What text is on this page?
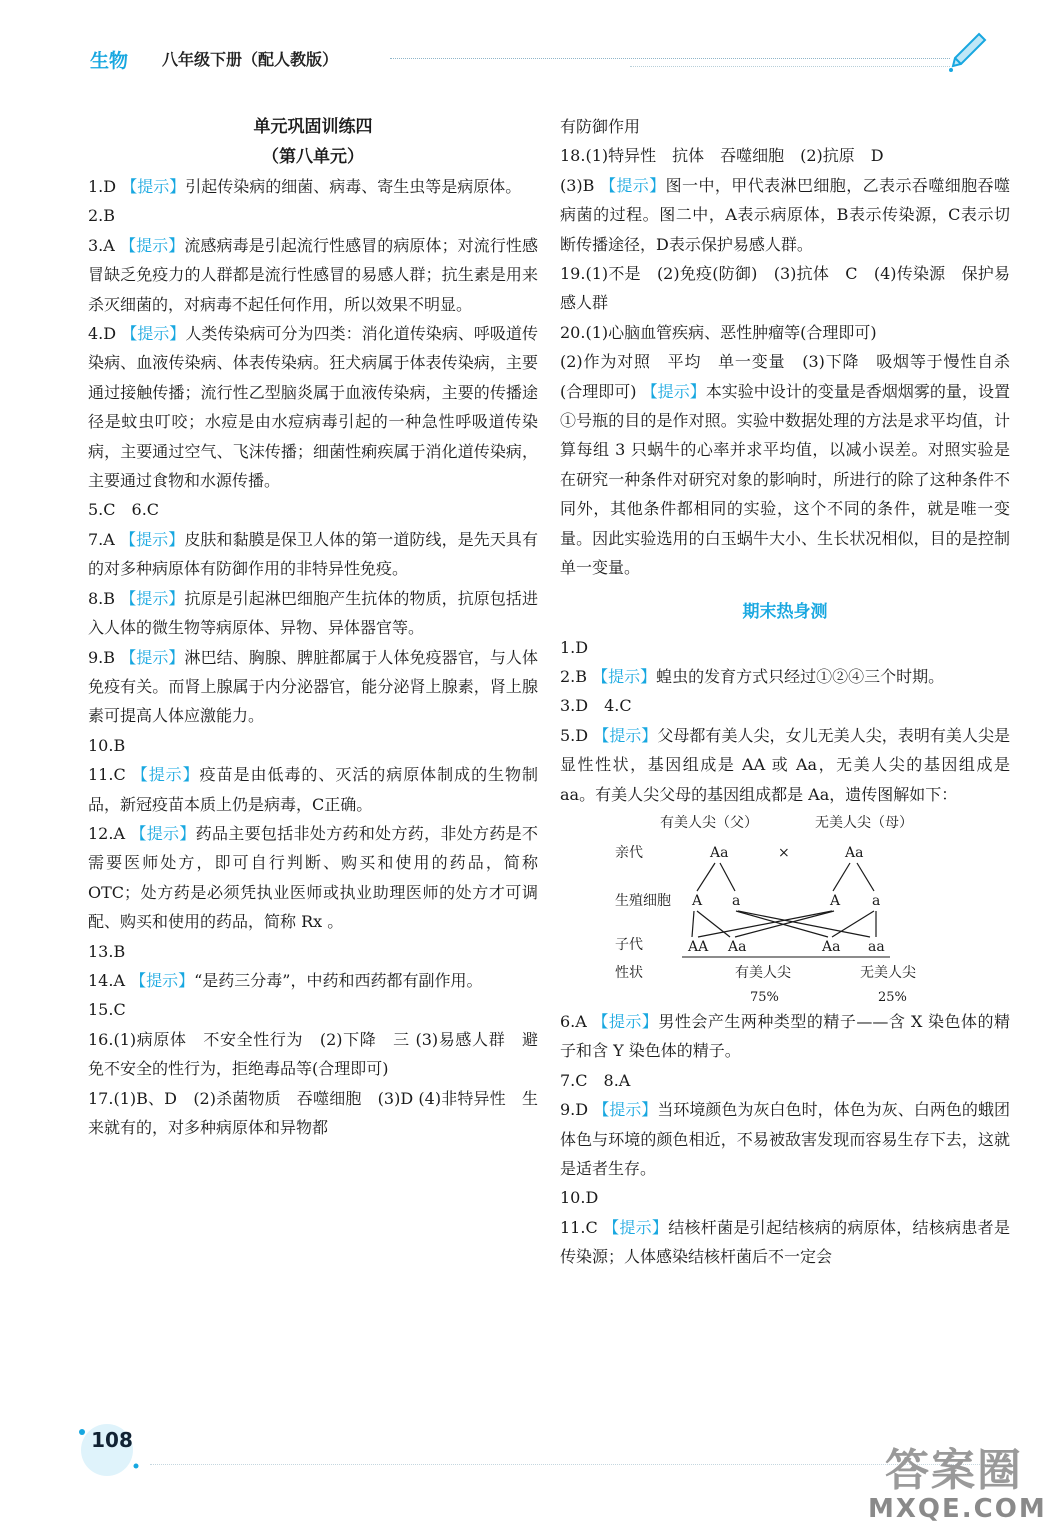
生物 八年级下册（配人教版）
单元巩固训练四
（第八单元）

1.D 【提示】引起传染病的细菌、病毒、寄生虫等是病原体。

2.B

3.A 【提示】流感病毒是引起流行性感冒的病原体；对流行性感冒缺乏免疫力的人群都是流行性感冒的易感人群；抗生素是用来杀灭细菌的，对病毒不起任何作用，所以效果不明显。

4.D 【提示】人类传染病可分为四类：消化道传染病、呼吸道传染病、血液传染病、体表传染病。狂犬病属于体表传染病，主要通过接触传播；流行性乙型脑炎属于血液传染病，主要的传播途径是蚊虫叮咬；水痘是由水痘病毒引起的一种急性呼吸道传染病，主要通过空气、飞沫传播；细菌性痢疾属于消化道传染病，主要通过食物和水源传播。

5.C　6.C

7.A 【提示】皮肤和黏膜是保卫人体的第一道防线，是先天具有的对多种病原体有防御作用的非特异性免疫。

8.B 【提示】抗原是引起淋巴细胞产生抗体的物质，抗原包括进入人体的微生物等病原体、异物、异体器官等。

9.B 【提示】淋巴结、胸腺、脾脏都属于人体免疫器官，与人体免疫有关。而肾上腺属于内分泌器官，能分泌肾上腺素，肾上腺素可提高人体应激能力。

10.B

11.C 【提示】疫苗是由低毒的、灭活的病原体制成的生物制品，新冠疫苗本质上仍是病毒，C正确。

12.A 【提示】药品主要包括非处方药和处方药，非处方药是不需要医师处方，即可自行判断、购买和使用的药品，简称 OTC；处方药是必须凭执业医师或执业助理医师的处方才可调配、购买和使用的药品，简称 Rx 。

13.B

14.A 【提示】“是药三分毒”，中药和西药都有副作用。

15.C

16.(1)病原体　不安全性行为　(2)下降　三 (3)易感人群　避免不安全的性行为，拒绝毒品等(合理即可)

17.(1)B、D　(2)杀菌物质　吞噬细胞　(3)D (4)非特异性　生来就有的，对多种病原体和异物都

有防御作用

18.(1)特异性　抗体　吞噬细胞　(2)抗原　D

(3)B 【提示】图一中，甲代表淋巴细胞，乙表示吞噬细胞吞噬病菌的过程。图二中，A表示病原体，B表示传染源，C表示切断传播途径，D表示保护易感人群。

19.(1)不是　(2)免疫(防御)　(3)抗体　C　(4)传染源　保护易感人群

20.(1)心脑血管疾病、恶性肿瘤等(合理即可)

(2)作为对照　平均　单一变量　(3)下降　吸烟等于慢性自杀(合理即可) 【提示】本实验中设计的变量是香烟烟雾的量，设置①号瓶的目的是作对照。实验中数据处理的方法是求平均值，计算每组 3 只蜗牛的心率并求平均值，以减小误差。对照实验是在研究一种条件对研究对象的影响时，所进行的除了这种条件不同外，其他条件都相同的实验，这个不同的条件，就是唯一变量。因此实验选用的白玉蜗牛大小、生长状况相似，目的是控制单一变量。

期末热身测

1.D

2.B 【提示】蝗虫的发育方式只经过①②④三个时期。

3.D　4.C

5.D 【提示】父母都有美人尖，女儿无美人尖，表明有美人尖是显性性状，基因组成是 AA 或 Aa，无美人尖的基因组成是 aa。有美人尖父母的基因组成都是 Aa，遗传图解如下：

有美人尖（父）	无美人尖（母）
亲代	Aa	×	Aa
生殖细胞 A a	A a
子代	AA Aa	Aa aa
性状	有美人尖	无美人尖
75%	25%

6.A 【提示】男性会产生两种类型的精子——含 X 染色体的精子和含 Y 染色体的精子。

7.C　8.A

9.D 【提示】当环境颜色为灰白色时，体色为灰、白两色的蛾团体色与环境的颜色相近，不易被敌害发现而容易生存下去，这就是适者生存。

10.D

11.C 【提示】结核杆菌是引起结核病的病原体，结核病患者是传染源；人体感染结核杆菌后不一定会

108
答案圈
MXQE.COM
